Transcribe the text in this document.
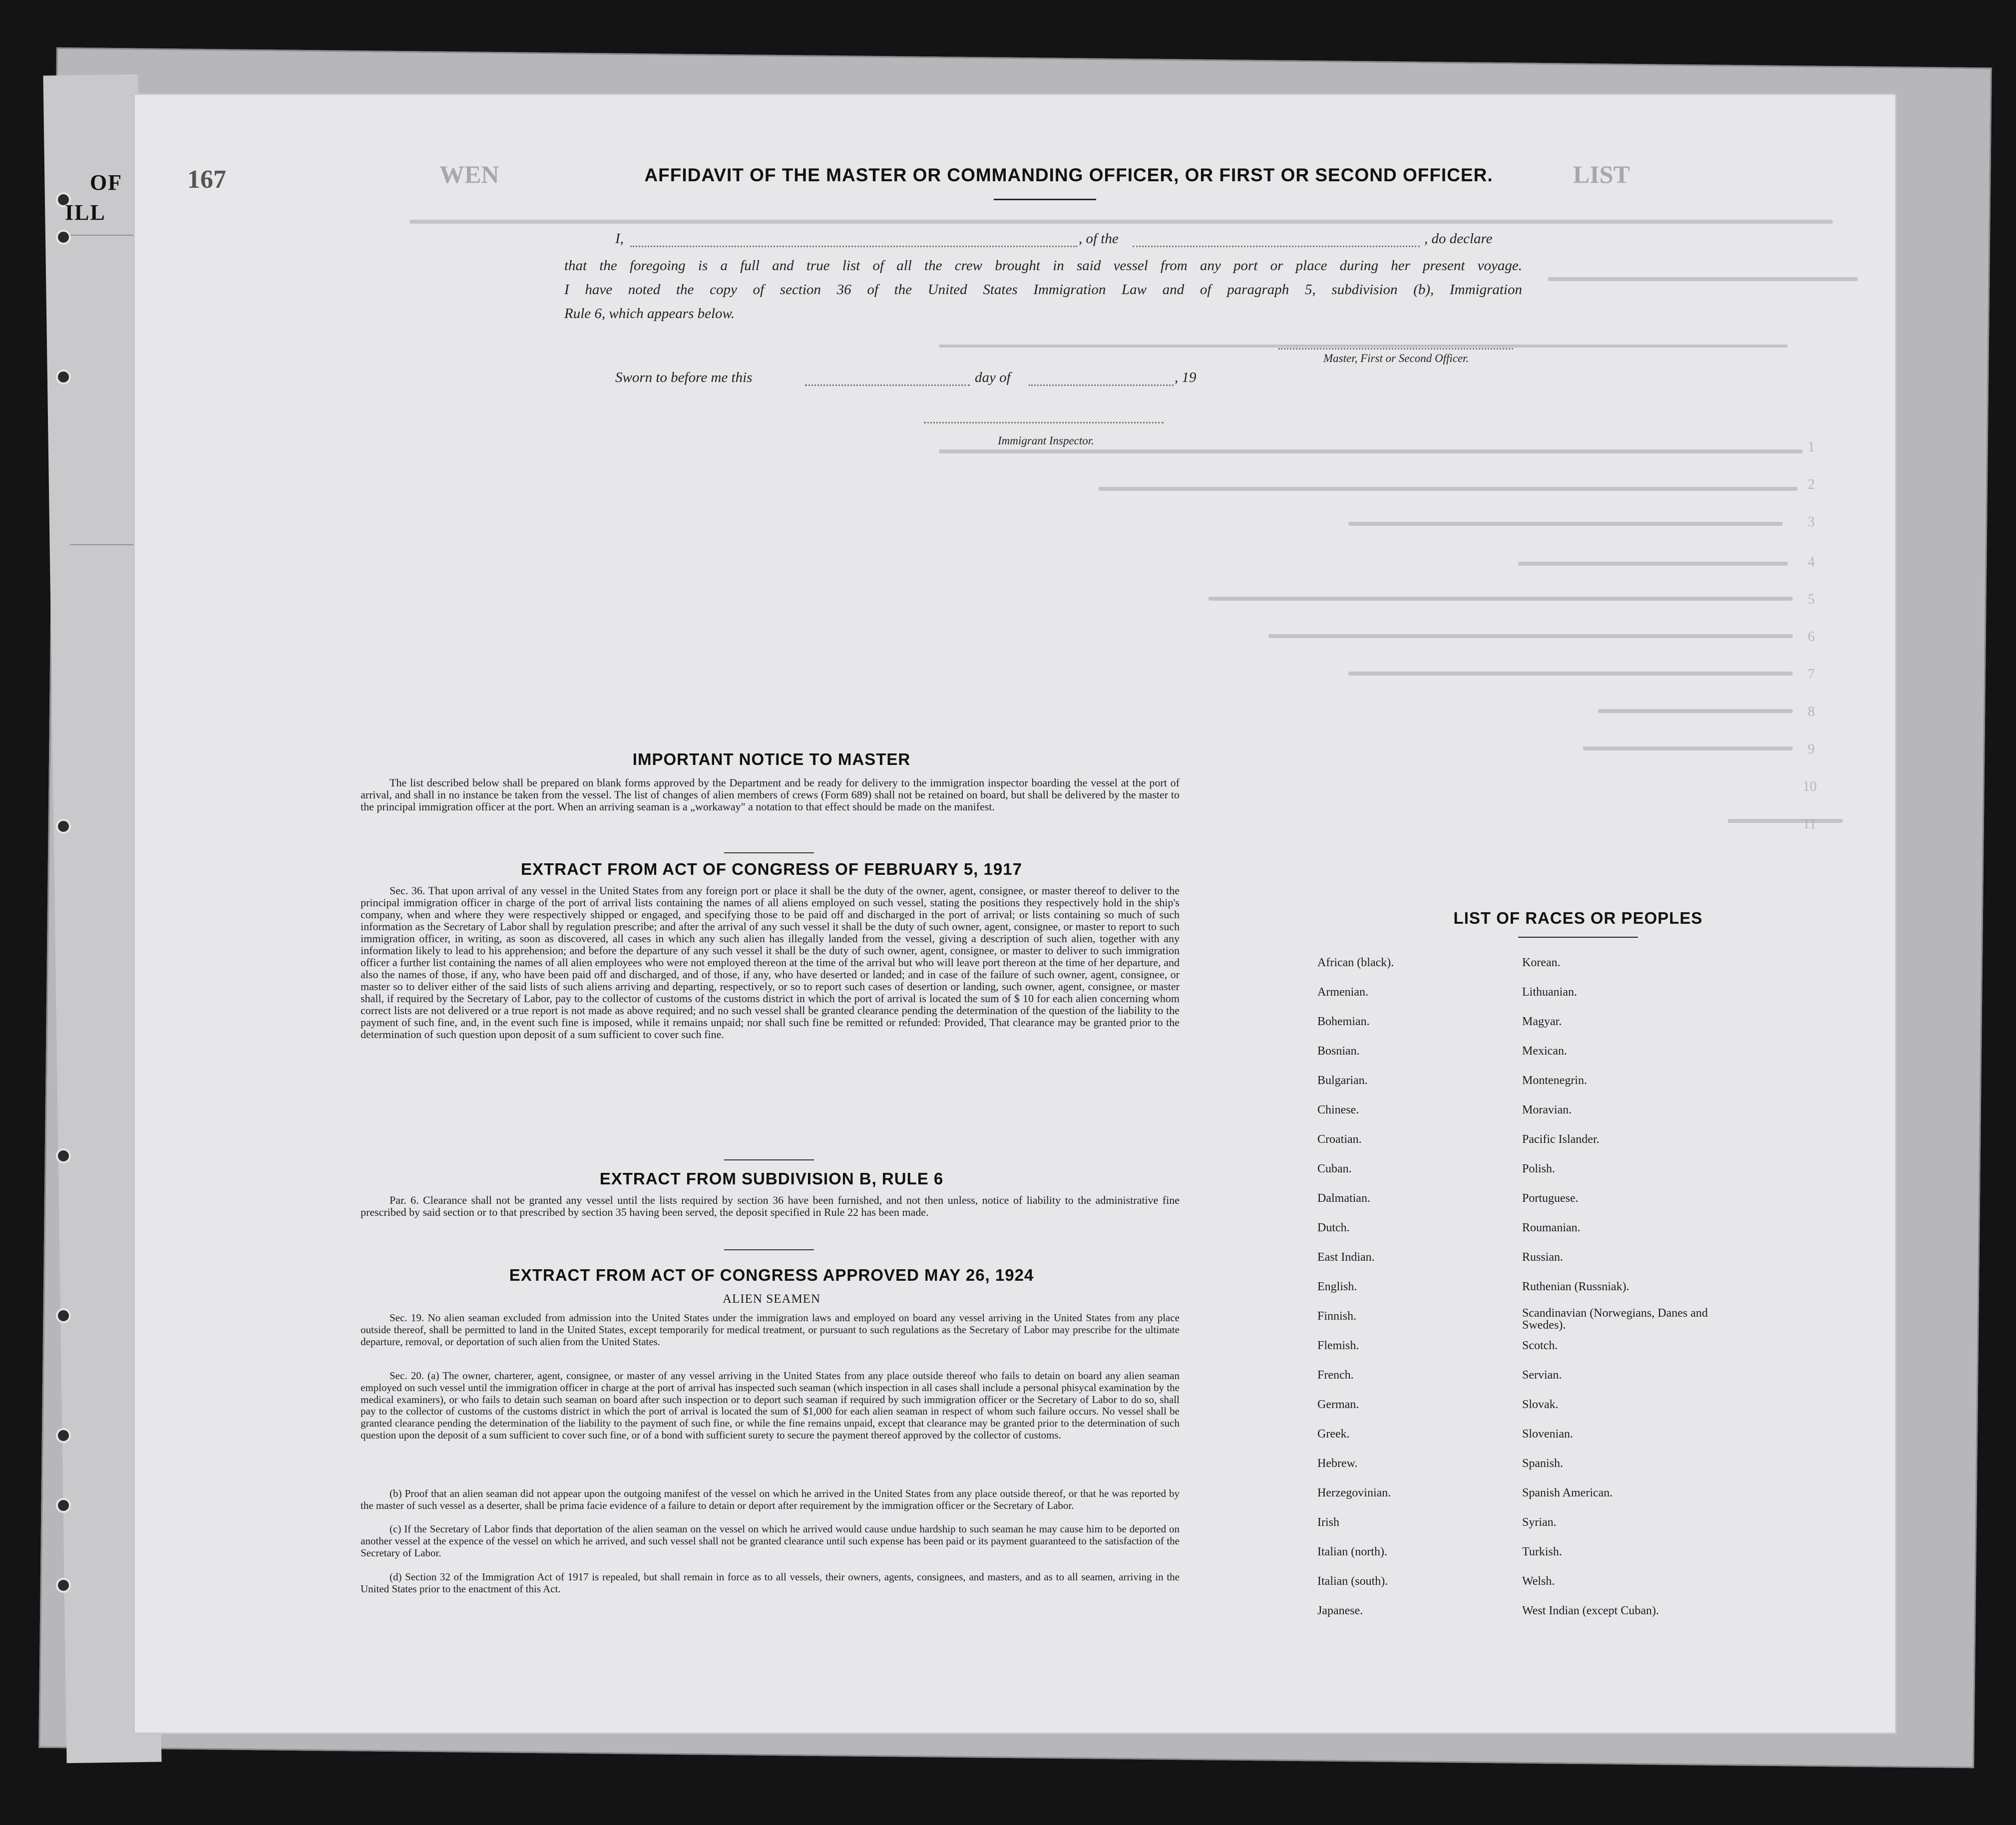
OF
ILL
WEN	LIST
1
2
3
4
5
6
7
8
9
10
11
167	AFFIDAVIT OF THE MASTER OR COMMANDING OFFICER, OR FIRST OR SECOND OFFICER.
I,	, of the	, do declare
that the foregoing is a full and true list of all the crew brought in said vessel from any port or place during her present voyage.
I have noted the copy of section 36 of the United States Immigration Law and of paragraph 5, subdivision (b), Immigration
Rule 6, which appears below.
Master, First or Second Officer.
Sworn to before me this	day of	, 19
Immigrant Inspector.
IMPORTANT NOTICE TO MASTER

The list described below shall be prepared on blank forms approved by the Department and be ready for delivery to the immigration inspector boarding the vessel at the port of arrival, and shall in no instance be taken from the vessel. The list of changes of alien members of crews (Form 689) shall not be retained on board, but shall be delivered by the master to the principal immigration officer at the port. When an arriving seaman is a „workaway" a notation to that effect should be made on the manifest.

EXTRACT FROM ACT OF CONGRESS OF FEBRUARY 5, 1917

Sec. 36. That upon arrival of any vessel in the United States from any foreign port or place it shall be the duty of the owner, agent, consignee, or master thereof to deliver to the principal immigration officer in charge of the port of arrival lists containing the names of all aliens employed on such vessel, stating the positions they respectively hold in the ship's company, when and where they were respectively shipped or engaged, and specifying those to be paid off and discharged in the port of arrival; or lists containing so much of such information as the Secretary of Labor shall by regulation prescribe; and after the arrival of any such vessel it shall be the duty of such owner, agent, consignee, or master to report to such immigration officer, in writing, as soon as discovered, all cases in which any such alien has illegally landed from the vessel, giving a description of such alien, together with any information likely to lead to his apprehension; and before the departure of any such vessel it shall be the duty of such owner, agent, consignee, or master to deliver to such immigration officer a further list containing the names of all alien employees who were not employed thereon at the time of the arrival but who will leave port thereon at the time of her departure, and also the names of those, if any, who have been paid off and discharged, and of those, if any, who have deserted or landed; and in case of the failure of such owner, agent, consignee, or master so to deliver either of the said lists of such aliens arriving and departing, respectively, or so to report such cases of desertion or landing, such owner, agent, consignee, or master shall, if required by the Secretary of Labor, pay to the collector of customs of the customs district in which the port of arrival is located the sum of $ 10 for each alien concerning whom correct lists are not delivered or a true report is not made as above required; and no such vessel shall be granted clearance pending the determination of the question of the liability to the payment of such fine, and, in the event such fine is imposed, while it remains unpaid; nor shall such fine be remitted or refunded: Provided, That clearance may be granted prior to the determination of such question upon deposit of a sum sufficient to cover such fine.

EXTRACT FROM SUBDIVISION B, RULE 6

Par. 6. Clearance shall not be granted any vessel until the lists required by section 36 have been furnished, and not then unless, notice of liability to the administrative fine prescribed by said section or to that prescribed by section 35 having been served, the deposit specified in Rule 22 has been made.

EXTRACT FROM ACT OF CONGRESS APPROVED MAY 26, 1924
ALIEN SEAMEN

Sec. 19. No alien seaman excluded from admission into the United States under the immigration laws and employed on board any vessel arriving in the United States from any place outside thereof, shall be permitted to land in the United States, except temporarily for medical treatment, or pursuant to such regulations as the Secretary of Labor may prescribe for the ultimate departure, removal, or deportation of such alien from the United States.

Sec. 20. (a) The owner, charterer, agent, consignee, or master of any vessel arriving in the United States from any place outside thereof who fails to detain on board any alien seaman employed on such vessel until the immigration officer in charge at the port of arrival has inspected such seaman (which inspection in all cases shall include a personal phisycal examination by the medical examiners), or who fails to detain such seaman on board after such inspection or to deport such seaman if required by such immigration officer or the Secretary of Labor to do so, shall pay to the collector of customs of the customs district in which the port of arrival is located the sum of $1,000 for each alien seaman in respect of whom such failure occurs. No vessel shall be granted clearance pending the determination of the liability to the payment of such fine, or while the fine remains unpaid, except that clearance may be granted prior to the determination of such question upon the deposit of a sum sufficient to cover such fine, or of a bond with sufficient surety to secure the payment thereof approved by the collector of customs.

(b) Proof that an alien seaman did not appear upon the outgoing manifest of the vessel on which he arrived in the United States from any place outside thereof, or that he was reported by the master of such vessel as a deserter, shall be prima facie evidence of a failure to detain or deport after requirement by the immigration officer or the Secretary of Labor.

(c) If the Secretary of Labor finds that deportation of the alien seaman on the vessel on which he arrived would cause undue hardship to such seaman he may cause him to be deported on another vessel at the expence of the vessel on which he arrived, and such vessel shall not be granted clearance until such expense has been paid or its payment guaranteed to the satisfaction of the Secretary of Labor.

(d) Section 32 of the Immigration Act of 1917 is repealed, but shall remain in force as to all vessels, their owners, agents, consignees, and masters, and as to all seamen, arriving in the United States prior to the enactment of this Act.

LIST OF RACES OR PEOPLES
African (black).
Armenian.
Bohemian.
Bosnian.
Bulgarian.
Chinese.
Croatian.
Cuban.
Dalmatian.
Dutch.
East Indian.
English.
Finnish.
Flemish.
French.
German.
Greek.
Hebrew.
Herzegovinian.
Irish
Italian (north).
Italian (south).
Japanese.
Korean.
Lithuanian.
Magyar.
Mexican.
Montenegrin.
Moravian.
Pacific Islander.
Polish.
Portuguese.
Roumanian.
Russian.
Ruthenian (Russniak).
Scandinavian (Norwegians, Danes and Swedes).
Scotch.
Servian.
Slovak.
Slovenian.
Spanish.
Spanish American.
Syrian.
Turkish.
Welsh.
West Indian (except Cuban).
